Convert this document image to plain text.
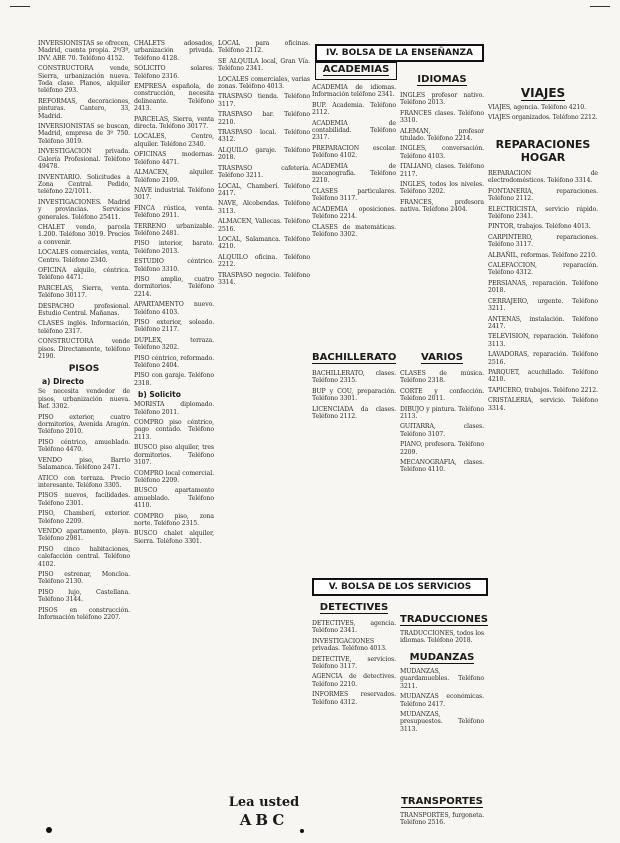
INVERSIONISTAS se ofrecen, Madrid, cuenta propia. 2º/3º, INV. ABE 70. Teléfono 4152.

CONSTRUCTORA vende, Sierra, urbanización nueva. Toda clase. Planos, alquiler teléfono 293.

REFORMAS, decoraciones, pinturas. Cantero, 33, Madrid.

INVERSIONISTAS se buscan, Madrid, empresa de 3º 750. Teléfono 3019.

INVESTIGACION privada. Galería Profesional. Teléfono 49478.

INVENTARIO. Solicitudes a Zona Central. Pedido, teléfono 22/1011.

INVESTIGACIONES. Madrid y provincias. Servicios generales. Teléfono 25411.

CHALET vendo, parcela 1.200. Teléfono 3019. Precios a convenir.

LOCALES comerciales, venta, Centro. Teléfono 2340.

OFICINA alquilo, céntrica. Teléfono 4471.

PARCELAS, Sierra, venta. Teléfono 30117.

DESPACHO profesional. Estudio Central. Mañanas.

CLASES inglés. Información, teléfono 2317.

CONSTRUCTORA vende pisos. Directamente, teléfono 2190.

PISOS
a) Directo

Se necesita vendedor de pisos, urbanización nueva. Ref. 3302.

PISO exterior, cuatro dormitorios, Avenida Aragón. Teléfono 2010.

PISO céntrico, amueblado. Teléfono 4470.

VENDO piso, Barrio Salamanca. Teléfono 2471.

ATICO con terraza. Precio interesante. Teléfono 3305.

PISOS nuevos, facilidades. Teléfono 2301.

PISO, Chamberí, exterior. Teléfono 2209.

VENDO apartamento, playa. Teléfono 2981.

PISO cinco habitaciones, calefacción central. Teléfono 4102.

PISO estrenar, Moncloa. Teléfono 2130.

PISO lujo, Castellana. Teléfono 3144.

PISOS en construcción. Información teléfono 2207.

CHALETS adosados, urbanización privada. Teléfono 4128.

SOLICITO solares. Teléfono 2316.

EMPRESA española, de construcción, necesita delineante. Teléfono 2413.

PARCELAS, Sierra, venta directa. Teléfono 30177.

LOCALES, Centro, alquiler. Teléfono 2340.

OFICINAS modernas. Teléfono 4471.

ALMACEN, alquiler. Teléfono 2109.

NAVE industrial. Teléfono 3017.

FINCA rústica, venta. Teléfono 2911.

TERRENO urbanizable. Teléfono 2481.

PISO interior, barato. Teléfono 2013.

ESTUDIO céntrico. Teléfono 3310.

PISO amplio, cuatro dormitorios. Teléfono 2214.

APARTAMENTO nuevo. Teléfono 4103.

PISO exterior, soleado. Teléfono 2117.

DUPLEX, terraza. Teléfono 3202.

PISO céntrico, reformado. Teléfono 2404.

PISO con garaje. Teléfono 2318.

b) Solicito

MORISTA diplomado. Teléfono 2011.

COMPRO piso céntrico, pago contado. Teléfono 2113.

BUSCO piso alquiler, tres dormitorios. Teléfono 3107.

COMPRO local comercial. Teléfono 2209.

BUSCO apartamento amueblado. Teléfono 4110.

COMPRO piso, zona norte. Teléfono 2315.

BUSCO chalet alquiler, Sierra. Teléfono 3301.

LOCAL para oficinas. Teléfono 2112.

SE ALQUILA local, Gran Vía. Teléfono 2341.

LOCALES comerciales, varias zonas. Teléfono 4013.

TRASPASO tienda. Teléfono 3117.

TRASPASO bar. Teléfono 2210.

TRASPASO local. Teléfono 4312.

ALQUILO garaje. Teléfono 2018.

TRASPASO cafetería. Teléfono 3211.

LOCAL, Chamberí. Teléfono 2417.

NAVE, Alcobendas. Teléfono 3113.

ALMACEN, Vallecas. Teléfono 2516.

LOCAL, Salamanca. Teléfono 4210.

ALQUILO oficina. Teléfono 2212.

TRASPASO negocio. Teléfono 3314.

Lea usted
ABC
IV. BOLSA DE LA ENSEÑANZA
ACADEMIAS

ACADEMIA de idiomas. Información teléfono 2341.

BUP. Academia. Teléfono 2112.

ACADEMIA de contabilidad. Teléfono 2317.

PREPARACION escolar. Teléfono 4102.

ACADEMIA de mecanografía. Teléfono 2210.

CLASES particulares. Teléfono 3117.

ACADEMIA oposiciones. Teléfono 2214.

CLASES de matemáticas. Teléfono 3302.

BACHILLERATO

BACHILLERATO, clases. Teléfono 2315.

BUP y COU, preparación. Teléfono 3301.

LICENCIADA da clases. Teléfono 2112.

IDIOMAS

INGLES profesor nativo. Teléfono 2013.

FRANCES clases. Teléfono 3310.

ALEMAN, profesor titulado. Teléfono 2214.

INGLES, conversación. Teléfono 4103.

ITALIANO, clases. Teléfono 2117.

INGLES, todos los niveles. Teléfono 3202.

FRANCES, profesora nativa. Teléfono 2404.

VARIOS

CLASES de música. Teléfono 2318.

CORTE y confección. Teléfono 2011.

DIBUJO y pintura. Teléfono 2113.

GUITARRA, clases. Teléfono 3107.

PIANO, profesora. Teléfono 2209.

MECANOGRAFIA, clases. Teléfono 4110.

V. BOLSA DE LOS SERVICIOS
DETECTIVES

DETECTIVES, agencia. Teléfono 2341.

INVESTIGACIONES privadas. Teléfono 4013.

DETECTIVE, servicios. Teléfono 3117.

AGENCIA de detectives. Teléfono 2210.

INFORMES reservados. Teléfono 4312.

TRADUCCIONES

TRADUCCIONES, todos los idiomas. Teléfono 2018.

MUDANZAS

MUDANZAS, guardamuebles. Teléfono 3211.

MUDANZAS económicas. Teléfono 2417.

MUDANZAS, presupuestos. Teléfono 3113.

TRANSPORTES

TRANSPORTES, furgoneta. Teléfono 2516.

VIAJES

VIAJES, agencia. Teléfono 4210.

VIAJES organizados. Teléfono 2212.

REPARACIONES HOGAR

REPARACION de electrodomésticos. Teléfono 3314.

FONTANERIA, reparaciones. Teléfono 2112.

ELECTRICISTA, servicio rápido. Teléfono 2341.

PINTOR, trabajos. Teléfono 4013.

CARPINTERO, reparaciones. Teléfono 3117.

ALBAÑIL, reformas. Teléfono 2210.

CALEFACCION, reparación. Teléfono 4312.

PERSIANAS, reparación. Teléfono 2018.

CERRAJERO, urgente. Teléfono 3211.

ANTENAS, instalación. Teléfono 2417.

TELEVISION, reparación. Teléfono 3113.

LAVADORAS, reparación. Teléfono 2516.

PARQUET, acuchillado. Teléfono 4210.

TAPICERO, trabajos. Teléfono 2212.

CRISTALERIA, servicio. Teléfono 3314.
